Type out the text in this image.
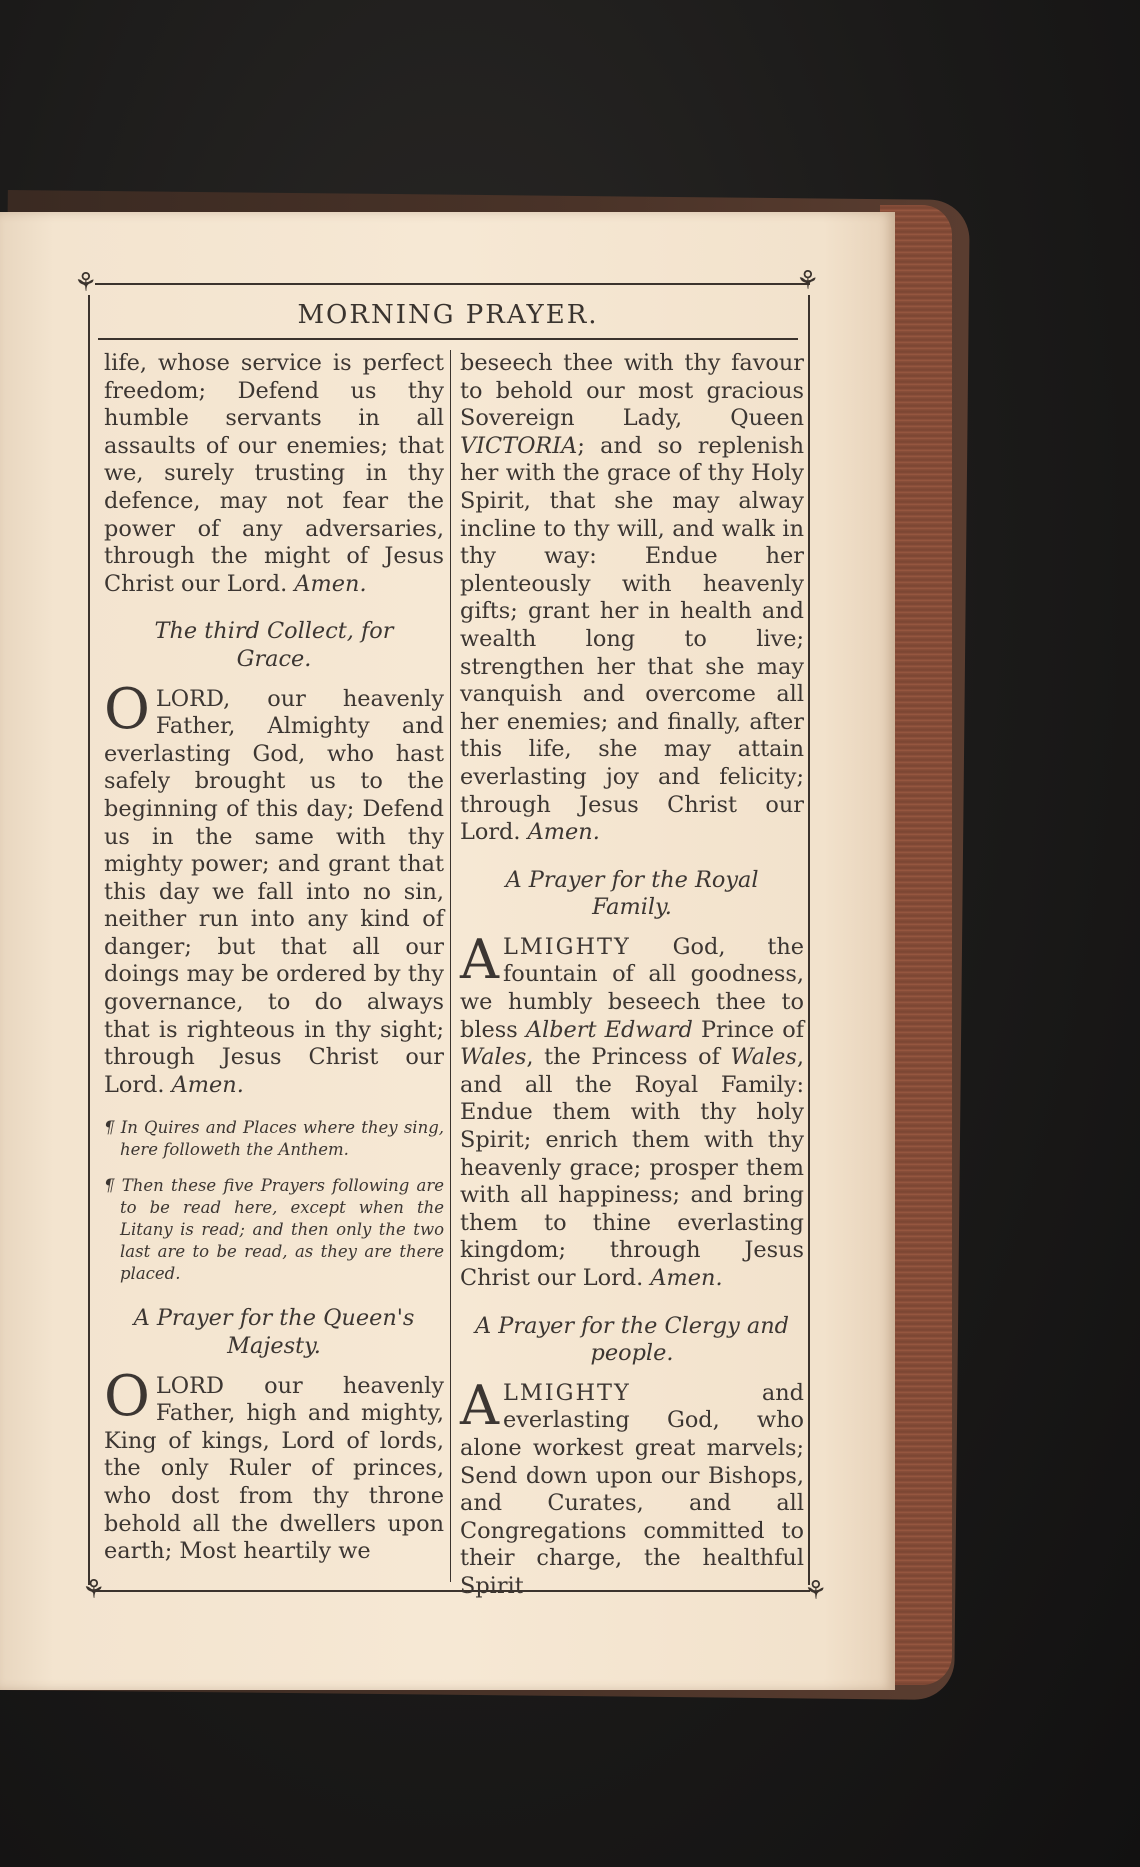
⚘	⚘
⚘	⚘
MORNING PRAYER.

life, whose service is perfect freedom; Defend us thy humble servants in all assaults of our enemies; that we, surely trusting in thy defence, may not fear the power of any adversaries, through the might of Jesus Christ our Lord. Amen.

The third Collect, for Grace.

OLORD, our heavenly Father, Almighty and everlasting God, who hast safely brought us to the beginning of this day; Defend us in the same with thy mighty power; and grant that this day we fall into no sin, neither run into any kind of danger; but that all our doings may be ordered by thy governance, to do always that is righteous in thy sight; through Jesus Christ our Lord. Amen.

¶ In Quires and Places where they sing, here followeth the Anthem.

¶ Then these five Prayers following are to be read here, except when the Litany is read; and then only the two last are to be read, as they are there placed.

A Prayer for the Queen's Majesty.

OLORD our heavenly Father, high and mighty, King of kings, Lord of lords, the only Ruler of princes, who dost from thy throne behold all the dwellers upon earth; Most heartily we

beseech thee with thy favour to behold our most gracious Sovereign Lady, Queen VICTORIA; and so replenish her with the grace of thy Holy Spirit, that she may alway incline to thy will, and walk in thy way: Endue her plenteously with heavenly gifts; grant her in health and wealth long to live; strengthen her that she may vanquish and overcome all her enemies; and finally, after this life, she may attain everlasting joy and felicity; through Jesus Christ our Lord. Amen.

A Prayer for the Royal Family.

ALMIGHTY God, the fountain of all goodness, we humbly beseech thee to bless Albert Edward Prince of Wales, the Princess of Wales, and all the Royal Family: Endue them with thy holy Spirit; enrich them with thy heavenly grace; prosper them with all happiness; and bring them to thine everlasting kingdom; through Jesus Christ our Lord. Amen.

A Prayer for the Clergy and people.

ALMIGHTY and everlasting God, who alone workest great marvels; Send down upon our Bishops, and Curates, and all Congregations committed to their charge, the healthful Spirit
